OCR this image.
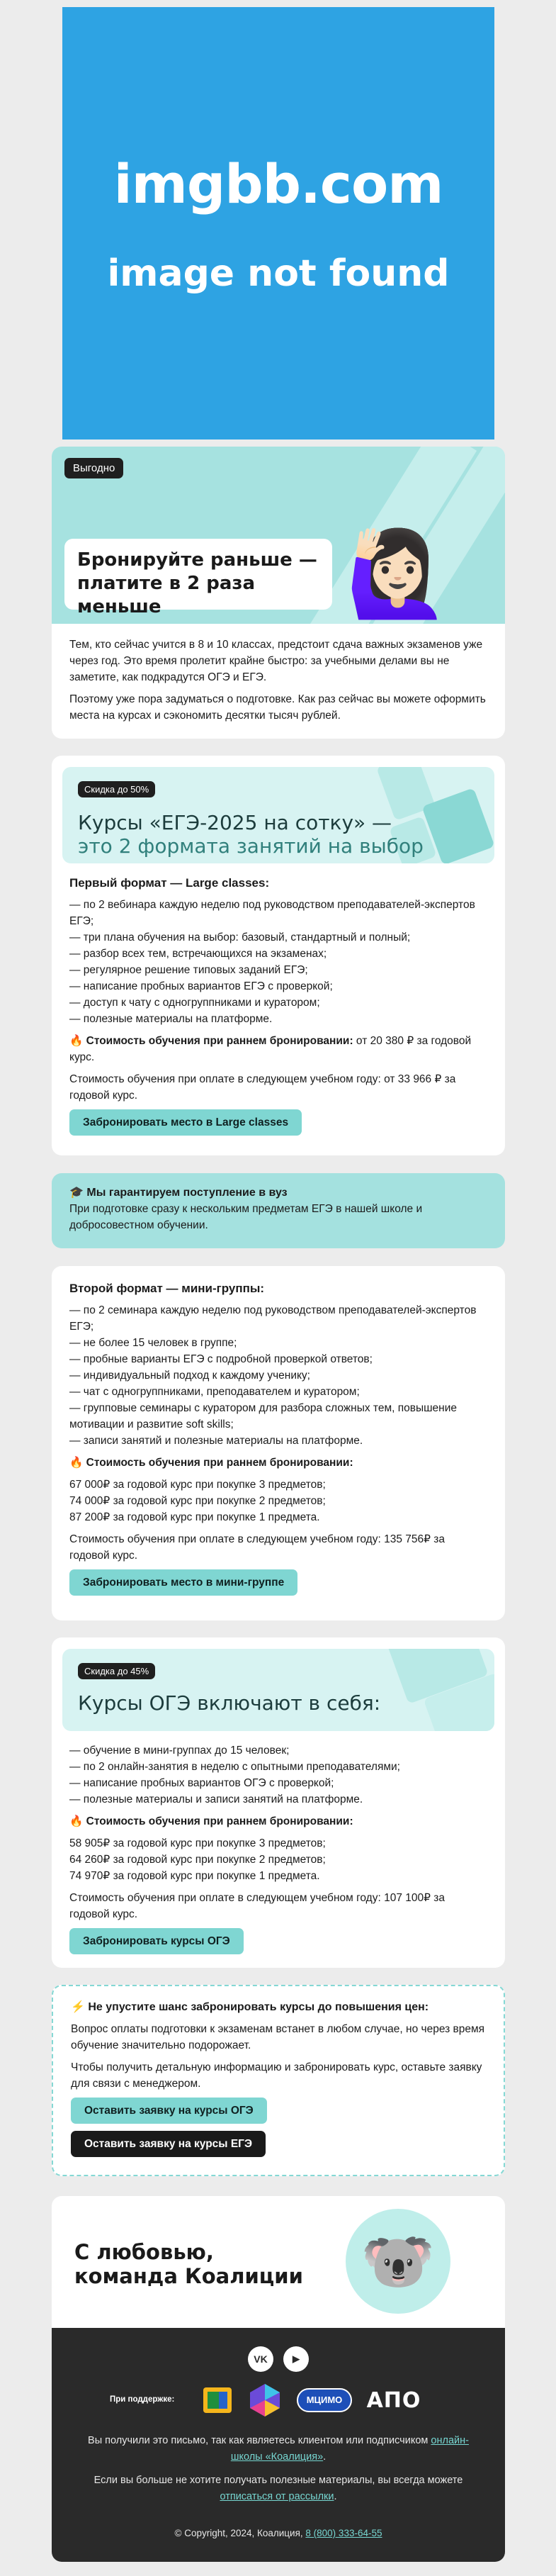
imgbb.com
image not found
Выгодно
Бронируйте раньше —
платите в 2 раза меньше	🙋🏻‍♀️

Тем, кто сейчас учится в 8 и 10 классах, предстоит сдача важных экзаменов уже через год. Это время пролетит крайне быстро: за учебными делами вы не заметите, как подкрадутся ОГЭ и ЕГЭ.

Поэтому уже пора задуматься о подготовке. Как раз сейчас вы можете оформить места на курсах и сэкономить десятки тысяч рублей.

Скидка до 50%
Курсы «ЕГЭ-2025 на сотку» —
это 2 формата занятий на выбор
Первый формат — Large classes:
— по 2 вебинара каждую неделю под руководством преподавателей-экспертов ЕГЭ;
— три плана обучения на выбор: базовый, стандартный и полный;
— разбор всех тем, встречающихся на экзаменах;
— регулярное решение типовых заданий ЕГЭ;
— написание пробных вариантов ЕГЭ с проверкой;
— доступ к чату с одногруппниками и куратором;
— полезные материалы на платформе.

🔥 Стоимость обучения при раннем бронировании: от 20 380 ₽ за годовой курс.

Стоимость обучения при оплате в следующем учебном году: от 33 966 ₽ за годовой курс.

Забронировать место в Large classes
🎓 Мы гарантируем поступление в вуз
При подготовке сразу к нескольким предметам ЕГЭ в нашей школе и добросовестном обучении.
Второй формат — мини-группы:
— по 2 семинара каждую неделю под руководством преподавателей-экспертов ЕГЭ;
— не более 15 человек в группе;
— пробные варианты ЕГЭ с подробной проверкой ответов;
— индивидуальный подход к каждому ученику;
— чат с одногруппниками, преподавателем и куратором;
— групповые семинары с куратором для разбора сложных тем, повышение мотивации и развитие soft skills;
— записи занятий и полезные материалы на платформе.

🔥 Стоимость обучения при раннем бронировании:

67 000₽ за годовой курс при покупке 3 предметов;
74 000₽ за годовой курс при покупке 2 предметов;
87 200₽ за годовой курс при покупке 1 предмета.

Стоимость обучения при оплате в следующем учебном году: 135 756₽ за годовой курс.

Забронировать место в мини-группе
Скидка до 45%
Курсы ОГЭ включают в себя:
— обучение в мини-группах до 15 человек;
— по 2 онлайн-занятия в неделю с опытными преподавателями;
— написание пробных вариантов ОГЭ с проверкой;
— полезные материалы и записи занятий на платформе.

🔥 Стоимость обучения при раннем бронировании:

58 905₽ за годовой курс при покупке 3 предметов;
64 260₽ за годовой курс при покупке 2 предметов;
74 970₽ за годовой курс при покупке 1 предмета.

Стоимость обучения при оплате в следующем учебном году: 107 100₽ за годовой курс.

Забронировать курсы ОГЭ
⚡ Не упустите шанс забронировать курсы до повышения цен:

Вопрос оплаты подготовки к экзаменам встанет в любом случае, но через время обучение значительно подорожает.

Чтобы получить детальную информацию и забронировать курс, оставьте заявку для связи с менеджером.

Оставить заявку на курсы ОГЭ
Оставить заявку на курсы ЕГЭ
С любовью,
команда Коалиции 🐨
VK	▶
При поддержке:	МЦИМО	АПО
Вы получили это письмо, так как являетесь клиентом или подписчиком онлайн-школы «Коалиция».
Если вы больше не хотите получать полезные материалы, вы всегда можете отписаться от рассылки.
© Copyright, 2024, Коалиция, 8 (800) 333-64-55
